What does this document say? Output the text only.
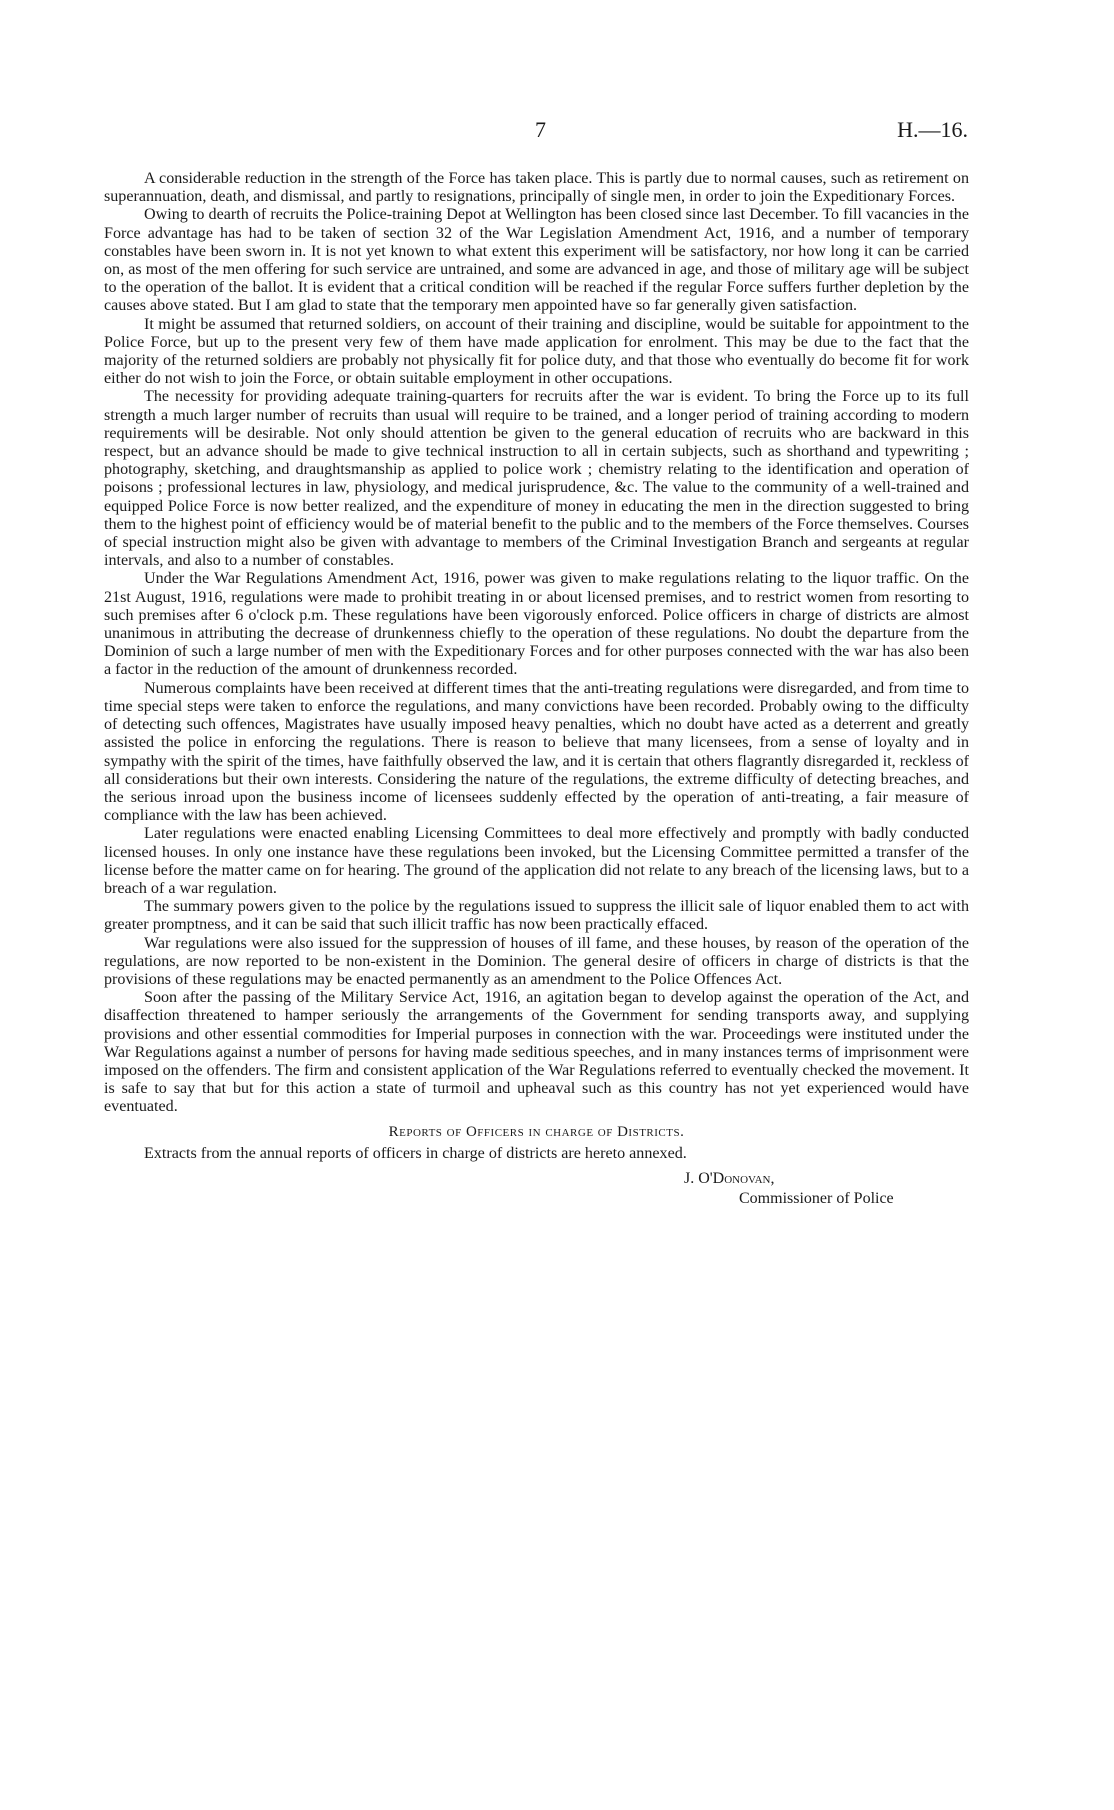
7	H.—16.

A considerable reduction in the strength of the Force has taken place. This is partly due to normal causes, such as retirement on superannuation, death, and dismissal, and partly to resignations, principally of single men, in order to join the Expeditionary Forces.

Owing to dearth of recruits the Police-training Depot at Wellington has been closed since last December. To fill vacancies in the Force advantage has had to be taken of section 32 of the War Legislation Amendment Act, 1916, and a number of temporary constables have been sworn in. It is not yet known to what extent this experiment will be satisfactory, nor how long it can be carried on, as most of the men offering for such service are untrained, and some are advanced in age, and those of military age will be subject to the operation of the ballot. It is evident that a critical condition will be reached if the regular Force suffers further depletion by the causes above stated. But I am glad to state that the temporary men appointed have so far generally given satisfaction.

It might be assumed that returned soldiers, on account of their training and discipline, would be suitable for appointment to the Police Force, but up to the present very few of them have made application for enrolment. This may be due to the fact that the majority of the returned soldiers are probably not physically fit for police duty, and that those who eventually do become fit for work either do not wish to join the Force, or obtain suitable employment in other occupations.

The necessity for providing adequate training-quarters for recruits after the war is evident. To bring the Force up to its full strength a much larger number of recruits than usual will require to be trained, and a longer period of training according to modern requirements will be desirable. Not only should attention be given to the general education of recruits who are backward in this respect, but an advance should be made to give technical instruction to all in certain subjects, such as shorthand and typewriting ; photography, sketching, and draughtsmanship as applied to police work ; chemistry relating to the identification and operation of poisons ; professional lectures in law, physiology, and medical jurisprudence, &c. The value to the community of a well-trained and equipped Police Force is now better realized, and the expenditure of money in educating the men in the direction suggested to bring them to the highest point of efficiency would be of material benefit to the public and to the members of the Force themselves. Courses of special instruction might also be given with advantage to members of the Criminal Investigation Branch and sergeants at regular intervals, and also to a number of constables.

Under the War Regulations Amendment Act, 1916, power was given to make regulations relating to the liquor traffic. On the 21st August, 1916, regulations were made to prohibit treating in or about licensed premises, and to restrict women from resorting to such premises after 6 o'clock p.m. These regulations have been vigorously enforced. Police officers in charge of districts are almost unanimous in attributing the decrease of drunkenness chiefly to the operation of these regulations. No doubt the departure from the Dominion of such a large number of men with the Expeditionary Forces and for other purposes connected with the war has also been a factor in the reduction of the amount of drunkenness recorded.

Numerous complaints have been received at different times that the anti-treating regulations were disregarded, and from time to time special steps were taken to enforce the regulations, and many convictions have been recorded. Probably owing to the difficulty of detecting such offences, Magistrates have usually imposed heavy penalties, which no doubt have acted as a deterrent and greatly assisted the police in enforcing the regulations. There is reason to believe that many licensees, from a sense of loyalty and in sympathy with the spirit of the times, have faithfully observed the law, and it is certain that others flagrantly disregarded it, reckless of all considerations but their own interests. Considering the nature of the regulations, the extreme difficulty of detecting breaches, and the serious inroad upon the business income of licensees suddenly effected by the operation of anti-treating, a fair measure of compliance with the law has been achieved.

Later regulations were enacted enabling Licensing Committees to deal more effectively and promptly with badly conducted licensed houses. In only one instance have these regulations been invoked, but the Licensing Committee permitted a transfer of the license before the matter came on for hearing. The ground of the application did not relate to any breach of the licensing laws, but to a breach of a war regulation.

The summary powers given to the police by the regulations issued to suppress the illicit sale of liquor enabled them to act with greater promptness, and it can be said that such illicit traffic has now been practically effaced.

War regulations were also issued for the suppression of houses of ill fame, and these houses, by reason of the operation of the regulations, are now reported to be non-existent in the Dominion. The general desire of officers in charge of districts is that the provisions of these regulations may be enacted permanently as an amendment to the Police Offences Act.

Soon after the passing of the Military Service Act, 1916, an agitation began to develop against the operation of the Act, and disaffection threatened to hamper seriously the arrangements of the Government for sending transports away, and supplying provisions and other essential commodities for Imperial purposes in connection with the war. Proceedings were instituted under the War Regulations against a number of persons for having made seditious speeches, and in many instances terms of imprisonment were imposed on the offenders. The firm and consistent application of the War Regulations referred to eventually checked the movement. It is safe to say that but for this action a state of turmoil and upheaval such as this country has not yet experienced would have eventuated.

Reports of Officers in charge of Districts.

Extracts from the annual reports of officers in charge of districts are hereto annexed.

J. O'Donovan,
Commissioner of Police
